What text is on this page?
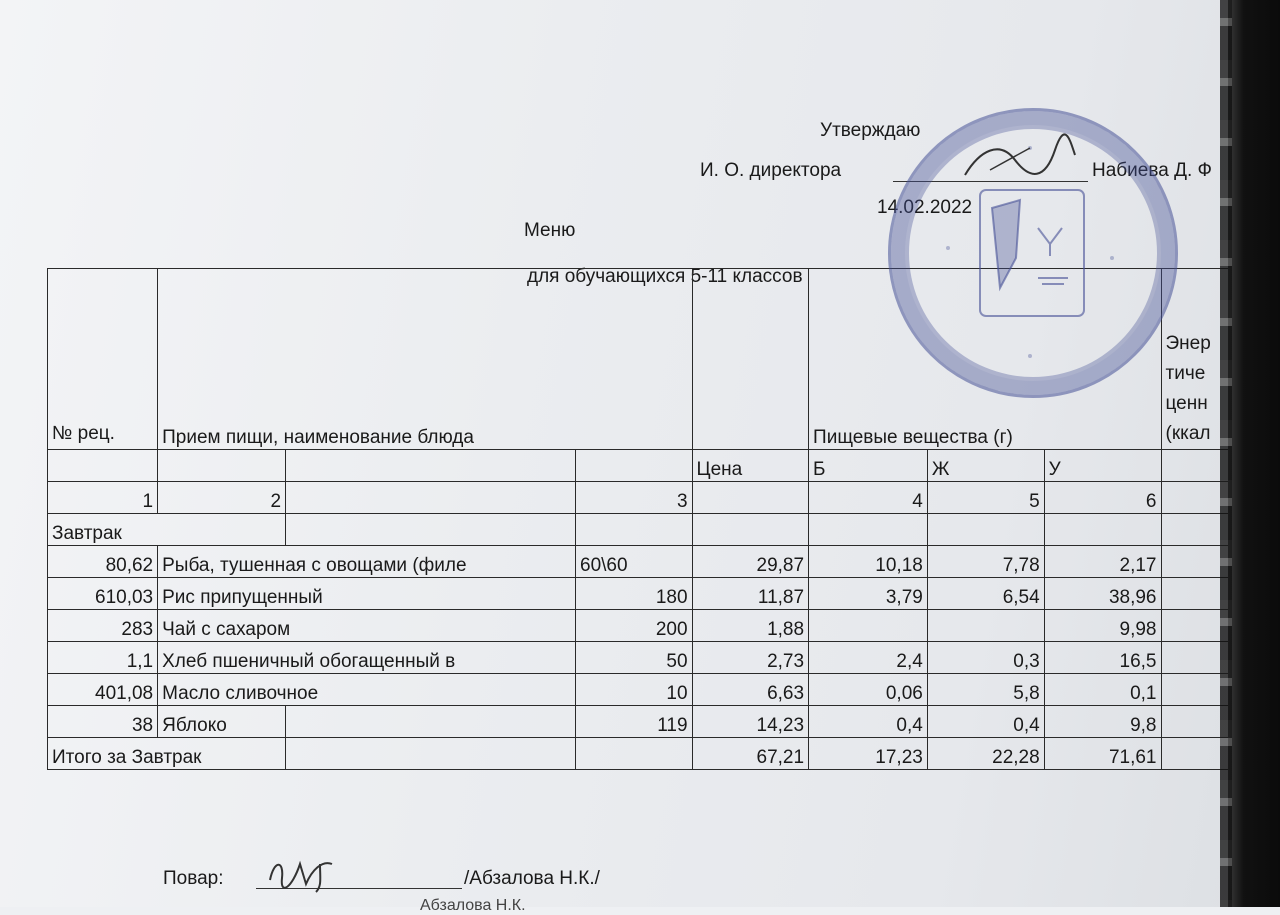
Утверждаю
И. О. директора	Набиева Д. Ф
14.02.2022
Меню
для обучающихся 5-11 классов
№ рец.	Прием пищи, наименование блюда				Пищевые вещества (г)			Энер
тиче
ценн
(ккал

				Цена	Б	Ж	У	
1	2		3		4	5	6	
Завтрак								
80,62	Рыба, тушенная с овощами (филе		60\60	29,87	10,18	7,78	2,17	
610,03	Рис припущенный		180	11,87	3,79	6,54	38,96	
283	Чай с сахаром		200	1,88			9,98	
1,1	Хлеб пшеничный обогащенный в		50	2,73	2,4	0,3	16,5	
401,08	Масло сливочное		10	6,63	0,06	5,8	0,1	
38	Яблоко		119	14,23	0,4	0,4	9,8	
Итого за Завтрак				67,21	17,23	22,28	71,61	
Повар:	/Абзалова Н.К./
Абзалова Н.К.
